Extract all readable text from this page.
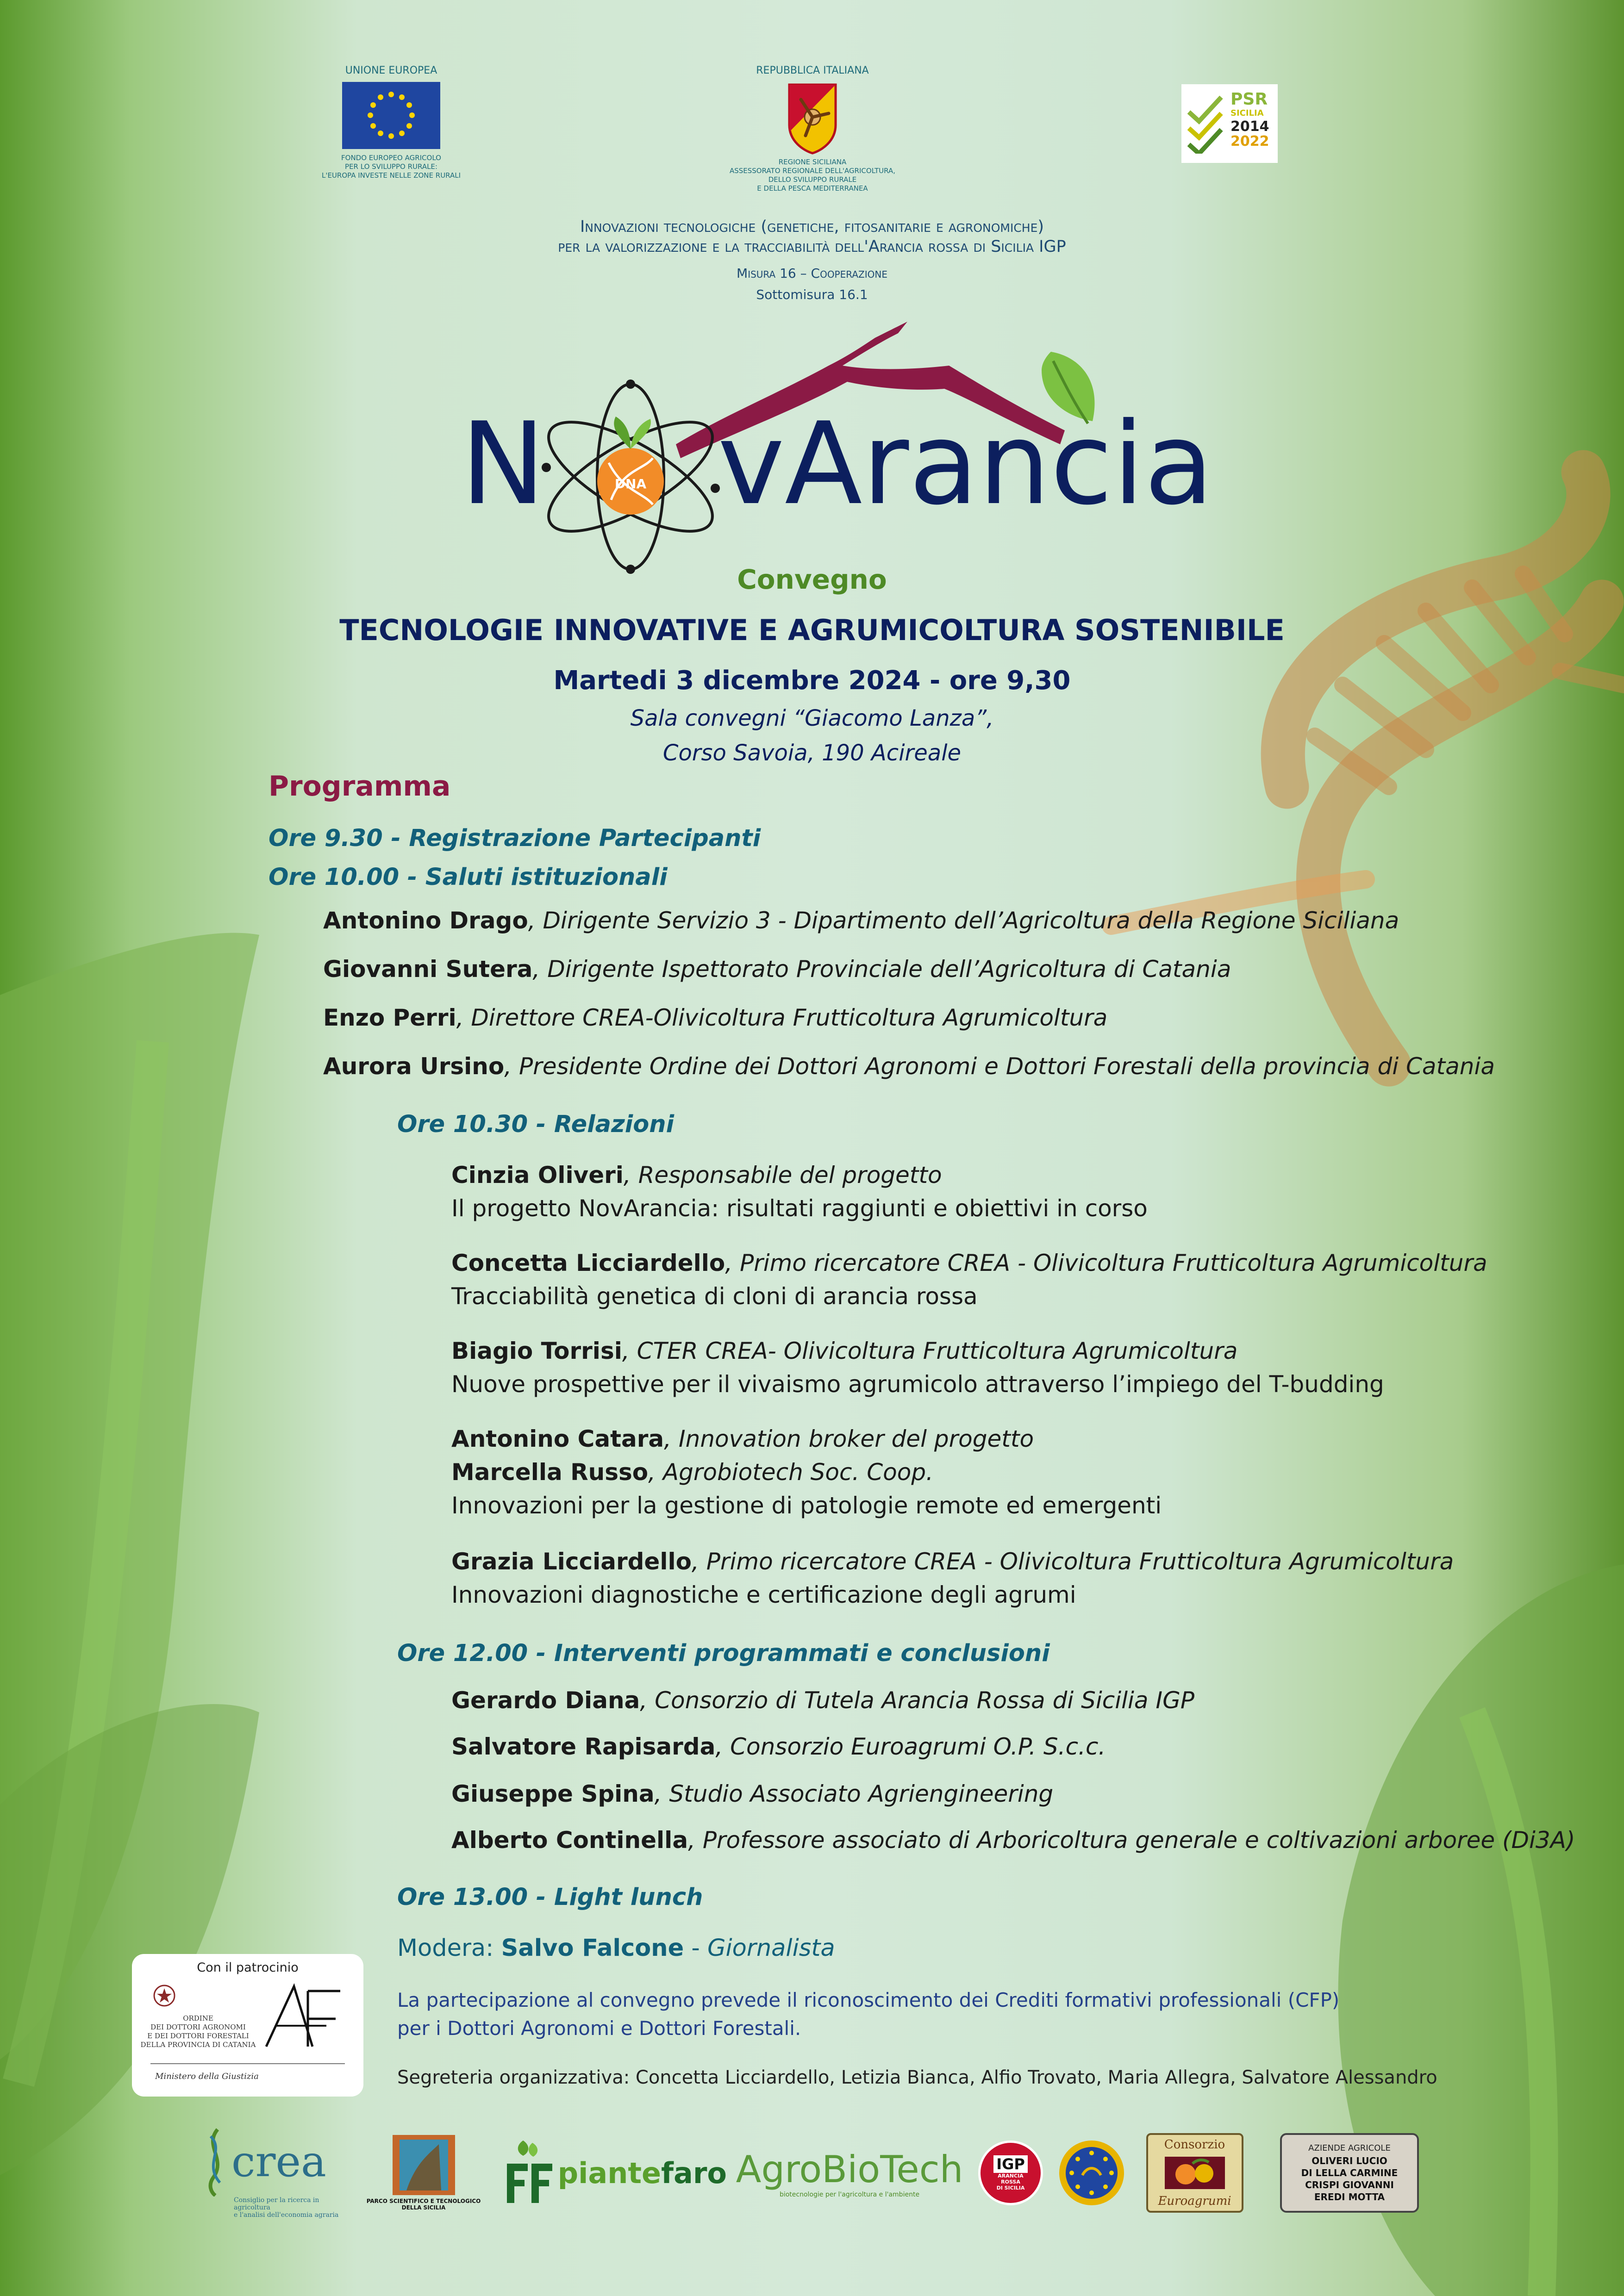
UNIONE EUROPEA
FONDO EUROPEO AGRICOLO
PER LO SVILUPPO RURALE:
L'EUROPA INVESTE NELLE ZONE RURALI
REPUBBLICA ITALIANA
REGIONE SICILIANA
ASSESSORATO REGIONALE DELL'AGRICOLTURA,
DELLO SVILUPPO RURALE
E DELLA PESCA MEDITERRANEA
PSR
SICILIA
2014
2022
Innovazioni tecnologiche (genetiche, fitosanitarie e agronomiche)
per la valorizzazione e la tracciabilità dell'Arancia rossa di Sicilia IGP
Misura 16 – Cooperazione
Sottomisura 16.1
DNA
N vArancia
Convegno
TECNOLOGIE INNOVATIVE E AGRUMICOLTURA SOSTENIBILE
Martedi 3 dicembre 2024 - ore 9,30
Sala convegni “Giacomo Lanza”,
Corso Savoia, 190 Acireale
Programma
Ore 9.30 - Registrazione Partecipanti
Ore 10.00 - Saluti istituzionali
Antonino Drago, Dirigente Servizio 3 - Dipartimento dell’Agricoltura della Regione Siciliana
Giovanni Sutera, Dirigente Ispettorato Provinciale dell’Agricoltura di Catania
Enzo Perri, Direttore CREA-Olivicoltura Frutticoltura Agrumicoltura
Aurora Ursino, Presidente Ordine dei Dottori Agronomi e Dottori Forestali della provincia di Catania
Ore 10.30 - Relazioni
Cinzia Oliveri, Responsabile del progetto
Il progetto NovArancia: risultati raggiunti e obiettivi in corso
Concetta Licciardello, Primo ricercatore CREA - Olivicoltura Frutticoltura Agrumicoltura
Tracciabilità genetica di cloni di arancia rossa
Biagio Torrisi, CTER CREA- Olivicoltura Frutticoltura Agrumicoltura
Nuove prospettive per il vivaismo agrumicolo attraverso l’impiego del T-budding
Antonino Catara, Innovation broker del progetto
Marcella Russo, Agrobiotech Soc. Coop.
Innovazioni per la gestione di patologie remote ed emergenti
Grazia Licciardello, Primo ricercatore CREA - Olivicoltura Frutticoltura Agrumicoltura
Innovazioni diagnostiche e certificazione degli agrumi
Ore 12.00 - Interventi programmati e conclusioni
Gerardo Diana, Consorzio di Tutela Arancia Rossa di Sicilia IGP
Salvatore Rapisarda, Consorzio Euroagrumi O.P. S.c.c.
Giuseppe Spina, Studio Associato Agriengineering
Alberto Continella, Professore associato di Arboricoltura generale e coltivazioni arboree (Di3A)
Ore 13.00 - Light lunch
Modera: Salvo Falcone - Giornalista
La partecipazione al convegno prevede il riconoscimento dei Crediti formativi professionali (CFP)
per i Dottori Agronomi e Dottori Forestali.
Segreteria organizzativa: Concetta Licciardello, Letizia Bianca, Alfio Trovato, Maria Allegra, Salvatore Alessandro
Con il patrocinio
ORDINE
DEI DOTTORI AGRONOMI
E DEI DOTTORI FORESTALI
DELLA PROVINCIA DI CATANIA
Ministero della Giustizia
crea
Consiglio per la ricerca in agricoltura
e l'analisi dell'economia agraria
PARCO SCIENTIFICO E TECNOLOGICO
DELLA SICILIA
piantefaro AgroBioTech
biotecnologie per l'agricoltura e l'ambiente
IGP
ARANCIA
ROSSA
DI SICILIA
Consorzio
Euroagrumi
AZIENDE AGRICOLE
OLIVERI LUCIO
DI LELLA CARMINE
CRISPI GIOVANNI
EREDI MOTTA
